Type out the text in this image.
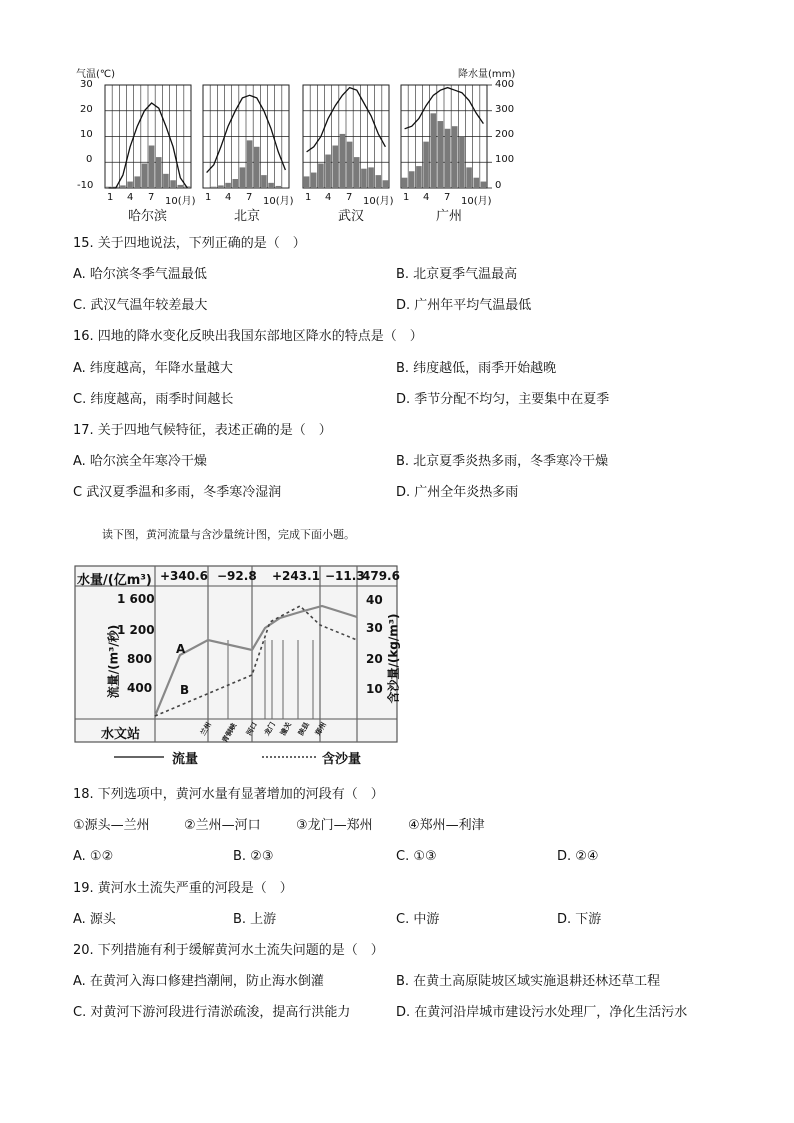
气温(℃)	降水量(mm)
30
20
10
0
-10
400
300
200
100
0
1 4 7 10(月) 1 4 7 10(月) 1 4 7 10(月) 1 4 7 10(月)
哈尔滨	北京	武汉	广州
15. 关于四地说法，下列正确的是（　）
A. 哈尔滨冬季气温最低	B. 北京夏季气温最高
C. 武汉气温年较差最大	D. 广州年平均气温最低
16. 四地的降水变化反映出我国东部地区降水的特点是（　）
A. 纬度越高，年降水量越大	B. 纬度越低，雨季开始越晚
C. 纬度越高，雨季时间越长	D. 季节分配不均匀，主要集中在夏季
17. 关于四地气候特征，表述正确的是（　）
A. 哈尔滨全年寒冷干燥	B. 北京夏季炎热多雨，冬季寒冷干燥
C 武汉夏季温和多雨，冬季寒冷湿润	D. 广州全年炎热多雨
读下图，黄河流量与含沙量统计图，完成下面小题。
水量/(亿m³) +340.6 −92.8 +243.1 −11.3
479.6
1 600
1 200
800
400
流量/(m³/秒)
40
30
20
10 含沙量/(kg/m³)
A
B
水文站	兰州 青铜峡 河口 龙门 潼关 陕县 郑州
流量	含沙量
18. 下列选项中，黄河水量有显著增加的河段有（　）
①源头—兰州	②兰州—河口	③龙门—郑州	④郑州—利津
A. ①②	B. ②③	C. ①③	D. ②④
19. 黄河水土流失严重的河段是（　）
A. 源头	B. 上游	C. 中游	D. 下游
20. 下列措施有利于缓解黄河水土流失问题的是（　）
A. 在黄河入海口修建挡潮闸，防止海水倒灌	B. 在黄土高原陡坡区域实施退耕还林还草工程
C. 对黄河下游河段进行清淤疏浚，提高行洪能力	D. 在黄河沿岸城市建设污水处理厂，净化生活污水
